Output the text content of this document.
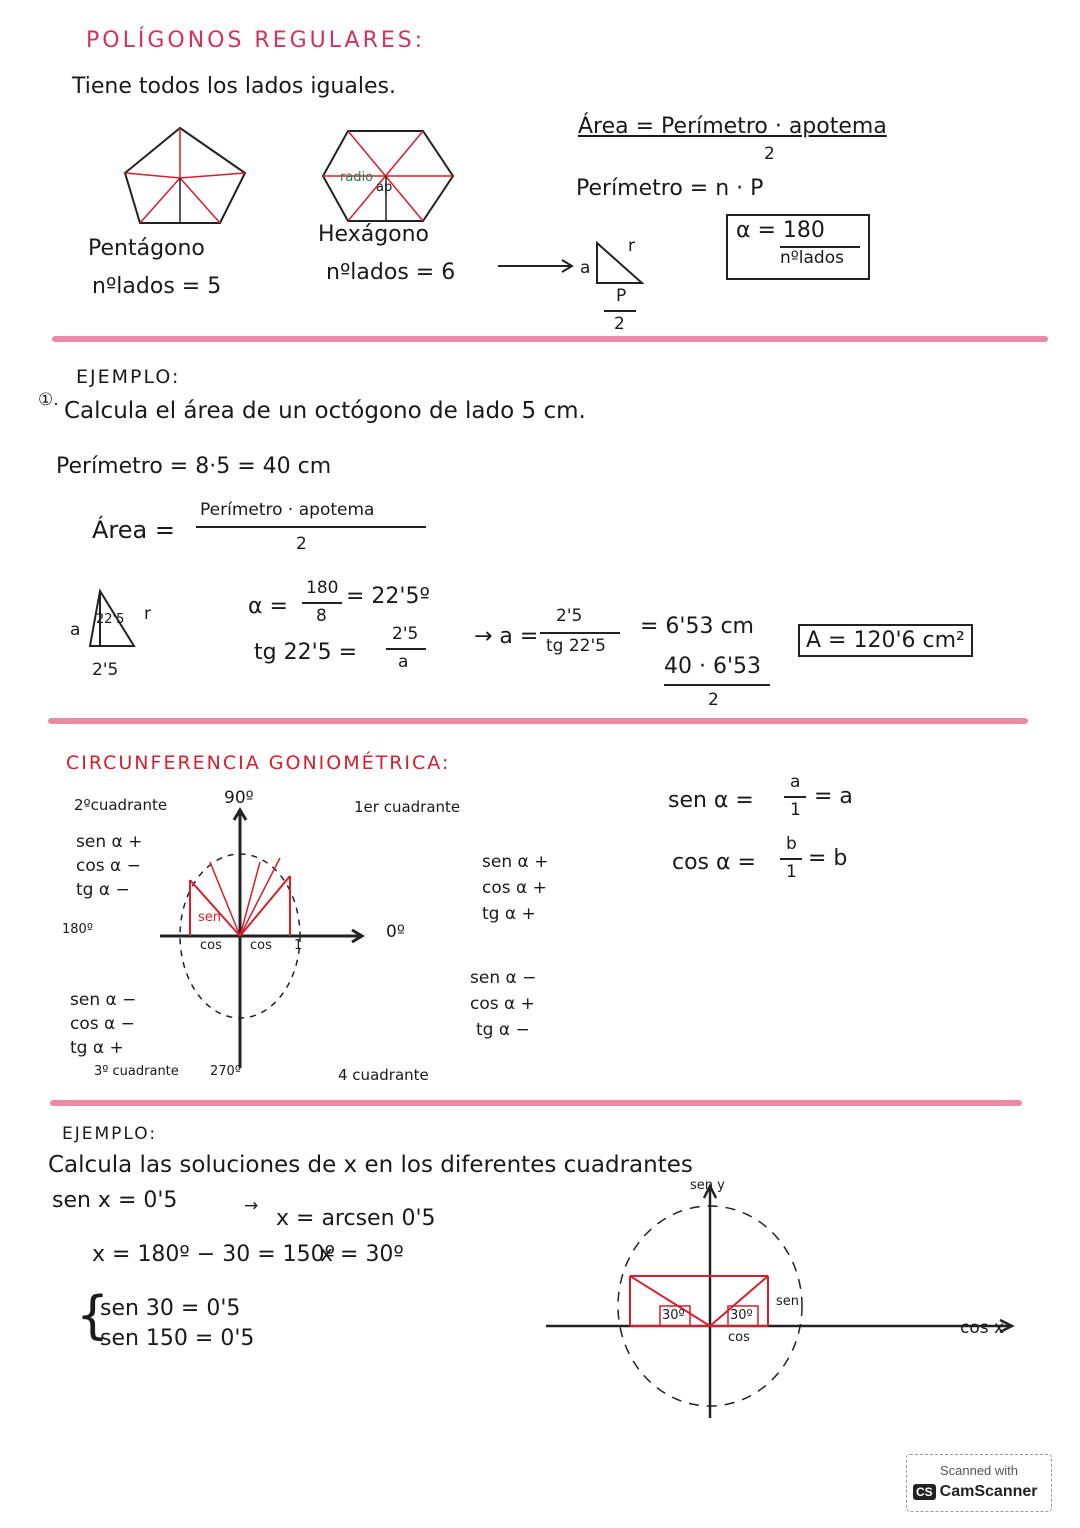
POLÍGONOS REGULARES:
Tiene todos los lados iguales.
Pentágono
nºlados = 5
radio
ap
Hexágono
nºlados = 6	a
r
P
2
Área = Perímetro · apotema
2
Perímetro = n · P
α = 180
nºlados
EJEMPLO:
①. Calcula el área de un octógono de lado 5 cm.
Perímetro = 8·5 = 40 cm
Área =
Perímetro · apotema
2
a
22'5 r
2'5
α =
180
8
= 22'5º
tg 22'5 =
2'5
a
→ a =
2'5
tg 22'5
= 6'53 cm
40 · 6'53
2
A = 120'6 cm²
CIRCUNFERENCIA GONIOMÉTRICA:
2ºcuadrante	90º	1er cuadrante
sen α +
cos α −
tg α −
180º
sen
cos cos 1
0º
sen α +
cos α +
tg α +
sen α −
cos α +
tg α −
sen α −
cos α −
tg α +
3º cuadrante 270º	4 cuadrante
sen α =
a
1
= a
cos α =
b
1
= b
EJEMPLO:
Calcula las soluciones de x en los diferentes cuadrantes
sen x = 0'5	→ x = arcsen 0'5
x = 180º − 30 = 150º
x = 30º
{
sen 30 = 0'5
sen 150 = 0'5
sen y
cos x
30º	30º
sen
cos
Scanned with
CS CamScanner
